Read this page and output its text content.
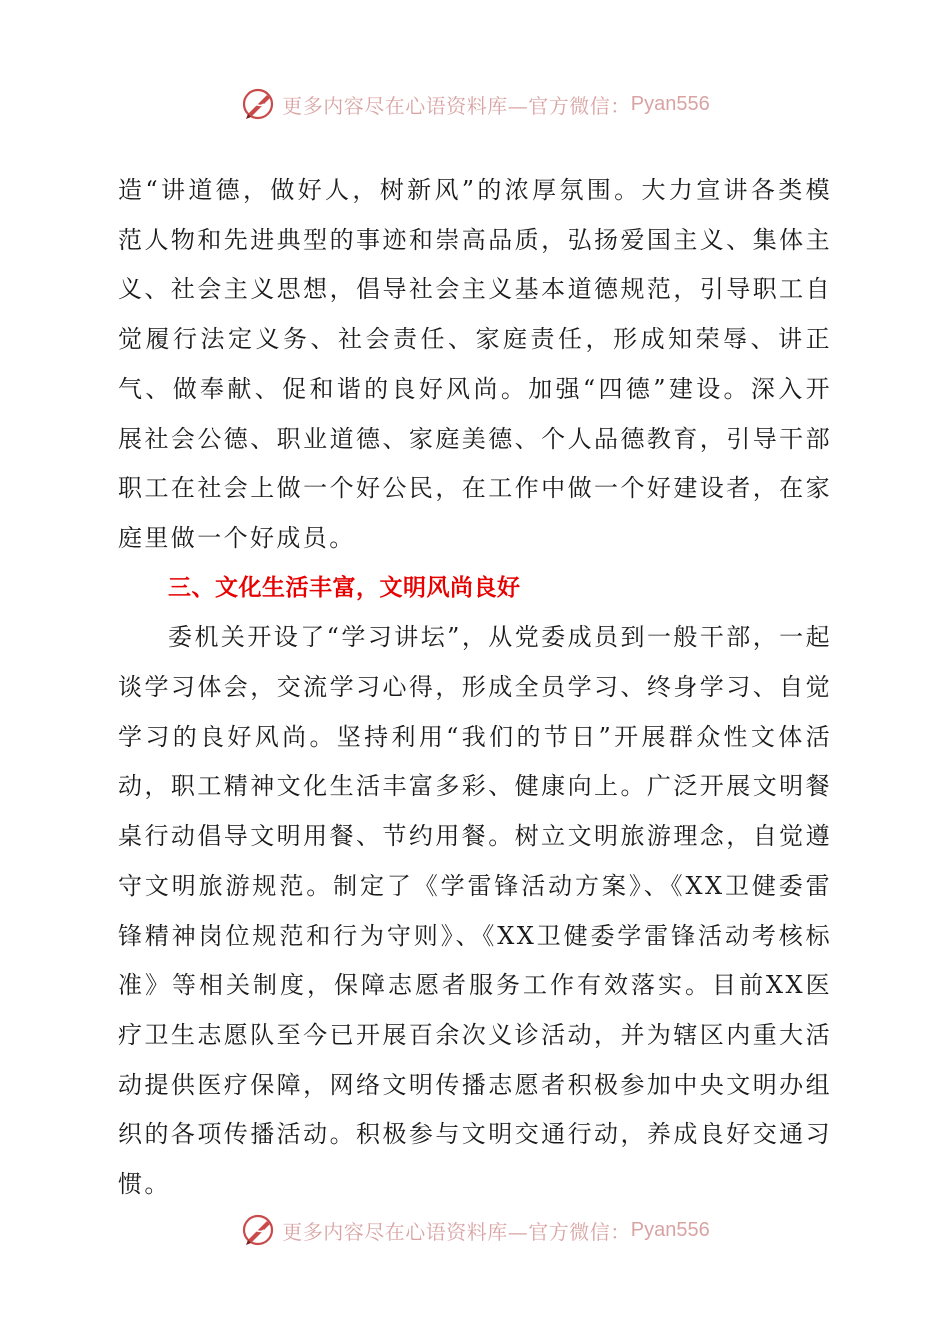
更多内容尽在心语资料库—官方微信： Pyan556

造“讲道德，做好人，树新风”的浓厚氛围。大力宣讲各类模范人物和先进典型的事迹和崇高品质，弘扬爱国主义、集体主义、社会主义思想，倡导社会主义基本道德规范，引导职工自觉履行法定义务、社会责任、家庭责任，形成知荣辱、讲正气、做奉献、促和谐的良好风尚。加强“四德”建设。深入开展社会公德、职业道德、家庭美德、个人品德教育，引导干部职工在社会上做一个好公民，在工作中做一个好建设者，在家庭里做一个好成员。

三、文化生活丰富，文明风尚良好

委机关开设了“学习讲坛”，从党委成员到一般干部，一起谈学习体会，交流学习心得，形成全员学习、终身学习、自觉学习的良好风尚。坚持利用“我们的节日”开展群众性文体活动，职工精神文化生活丰富多彩、健康向上。广泛开展文明餐桌行动倡导文明用餐、节约用餐。树立文明旅游理念，自觉遵守文明旅游规范。制定了《学雷锋活动方案》、《XX卫健委雷锋精神岗位规范和行为守则》、《XX卫健委学雷锋活动考核标准》等相关制度，保障志愿者服务工作有效落实。目前XX医疗卫生志愿队至今已开展百余次义诊活动，并为辖区内重大活动提供医疗保障，网络文明传播志愿者积极参加中央文明办组织的各项传播活动。积极参与文明交通行动，养成良好交通习惯。

更多内容尽在心语资料库—官方微信： Pyan556
